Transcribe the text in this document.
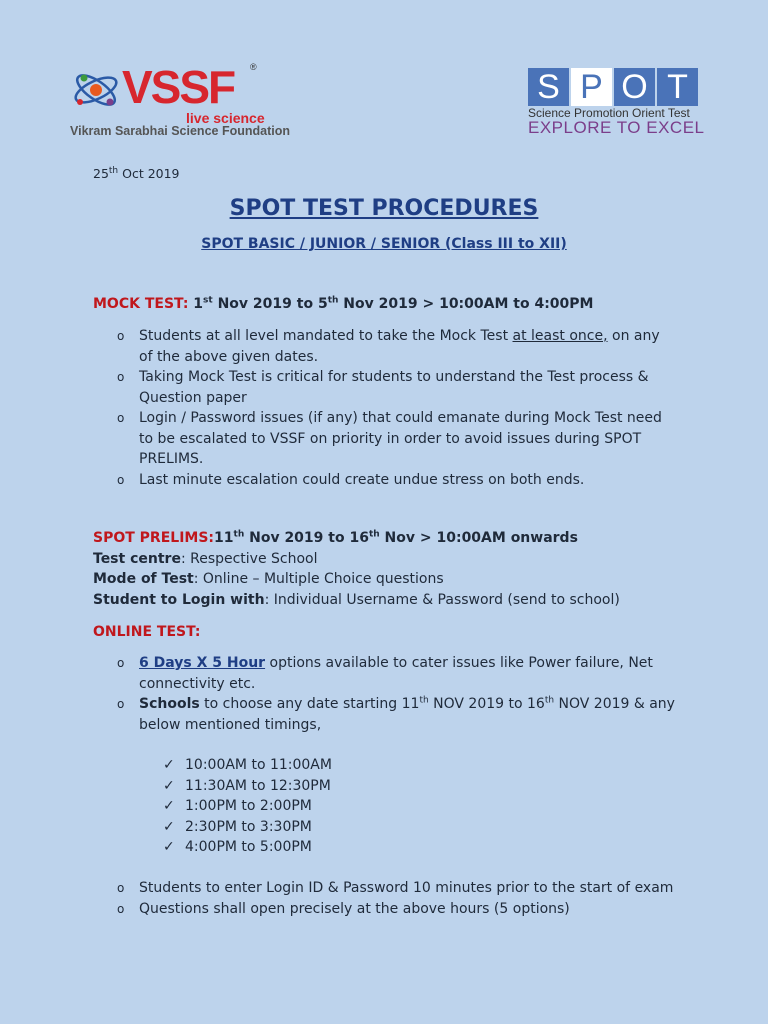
VSSF ®
live science
Vikram Sarabhai Science Foundation
S P O T
Science Promotion Orient Test
EXPLORE TO EXCEL
25th Oct 2019
SPOT TEST PROCEDURES
SPOT BASIC / JUNIOR / SENIOR (Class III to XII)
MOCK TEST: 1st Nov 2019 to 5th Nov 2019 > 10:00AM to 4:00PM
o Students at all level mandated to take the Mock Test at least once, on any
of the above given dates.
o Taking Mock Test is critical for students to understand the Test process &
Question paper
o Login / Password issues (if any) that could emanate during Mock Test need
to be escalated to VSSF on priority in order to avoid issues during SPOT
PRELIMS.
o Last minute escalation could create undue stress on both ends.
SPOT PRELIMS:11th Nov 2019 to 16th Nov > 10:00AM onwards
Test centre: Respective School
Mode of Test: Online – Multiple Choice questions
Student to Login with: Individual Username & Password (send to school)
ONLINE TEST:
o 6 Days X 5 Hour options available to cater issues like Power failure, Net
connectivity etc.
o Schools to choose any date starting 11th NOV 2019 to 16th NOV 2019 & any
below mentioned timings,
✓ 10:00AM to 11:00AM
✓ 11:30AM to 12:30PM
✓ 1:00PM to 2:00PM
✓ 2:30PM to 3:30PM
✓ 4:00PM to 5:00PM
o Students to enter Login ID & Password 10 minutes prior to the start of exam
o Questions shall open precisely at the above hours (5 options)
